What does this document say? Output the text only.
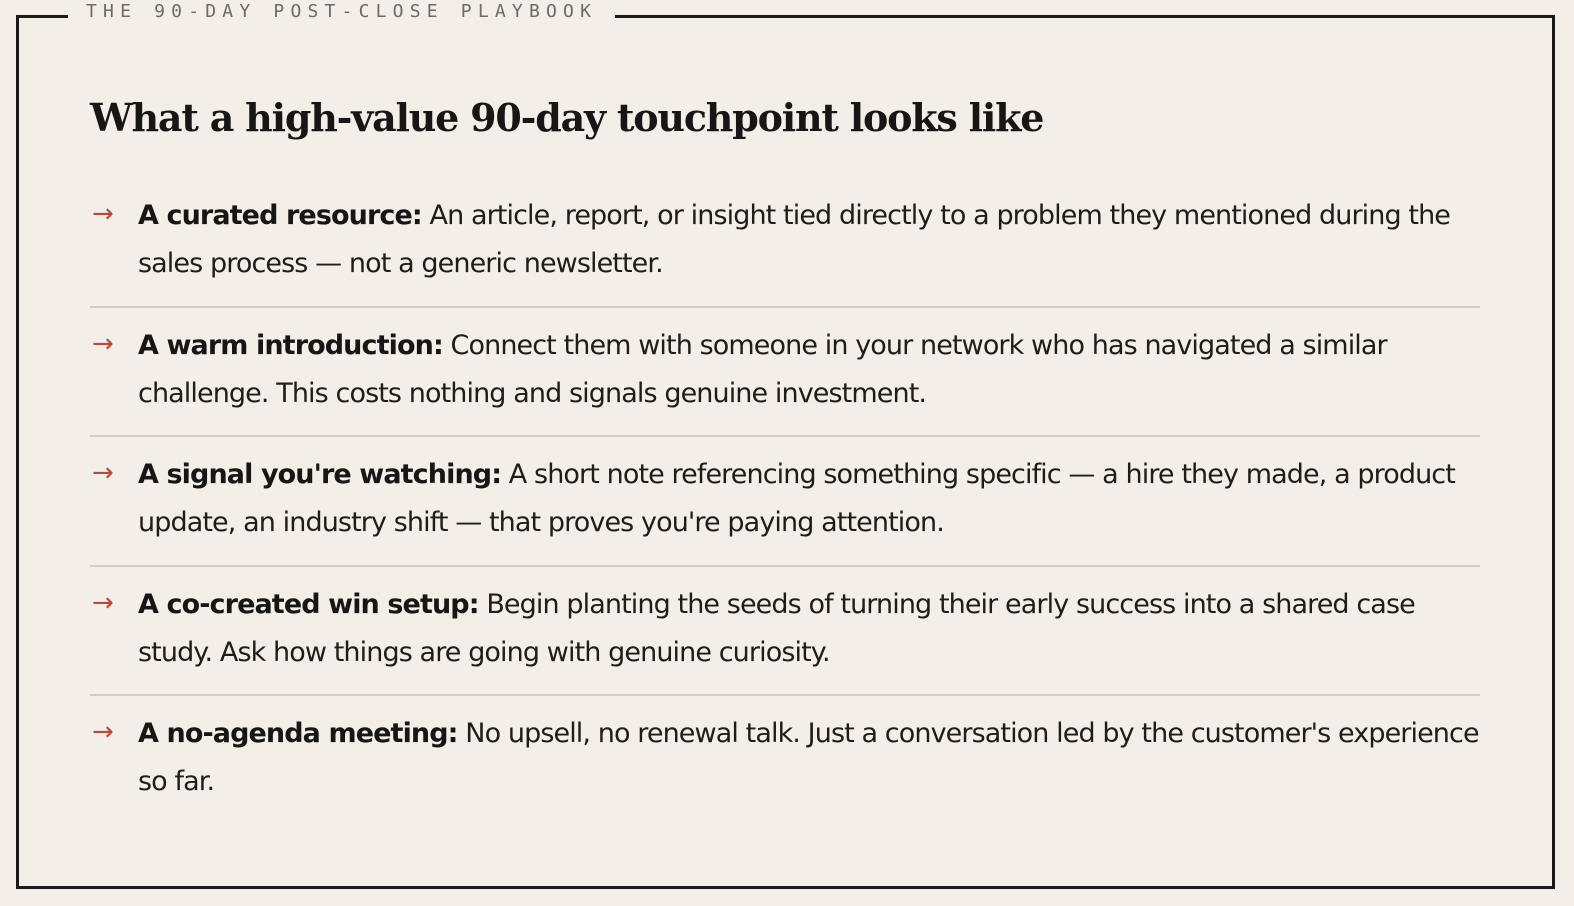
THE 90-DAY POST-CLOSE PLAYBOOK
What a high-value 90-day touchpoint looks like
→ A curated resource: An article, report, or insight tied directly to a problem they mentioned during the sales process — not a generic newsletter.

→ A warm introduction: Connect them with someone in your network who has navigated a similar challenge. This costs nothing and signals genuine investment.

→ A signal you're watching: A short note referencing something specific — a hire they made, a product update, an industry shift — that proves you're paying attention.

→ A co-created win setup: Begin planting the seeds of turning their early success into a shared case study. Ask how things are going with genuine curiosity.

→ A no-agenda meeting: No upsell, no renewal talk. Just a conversation led by the customer's experience so far.
